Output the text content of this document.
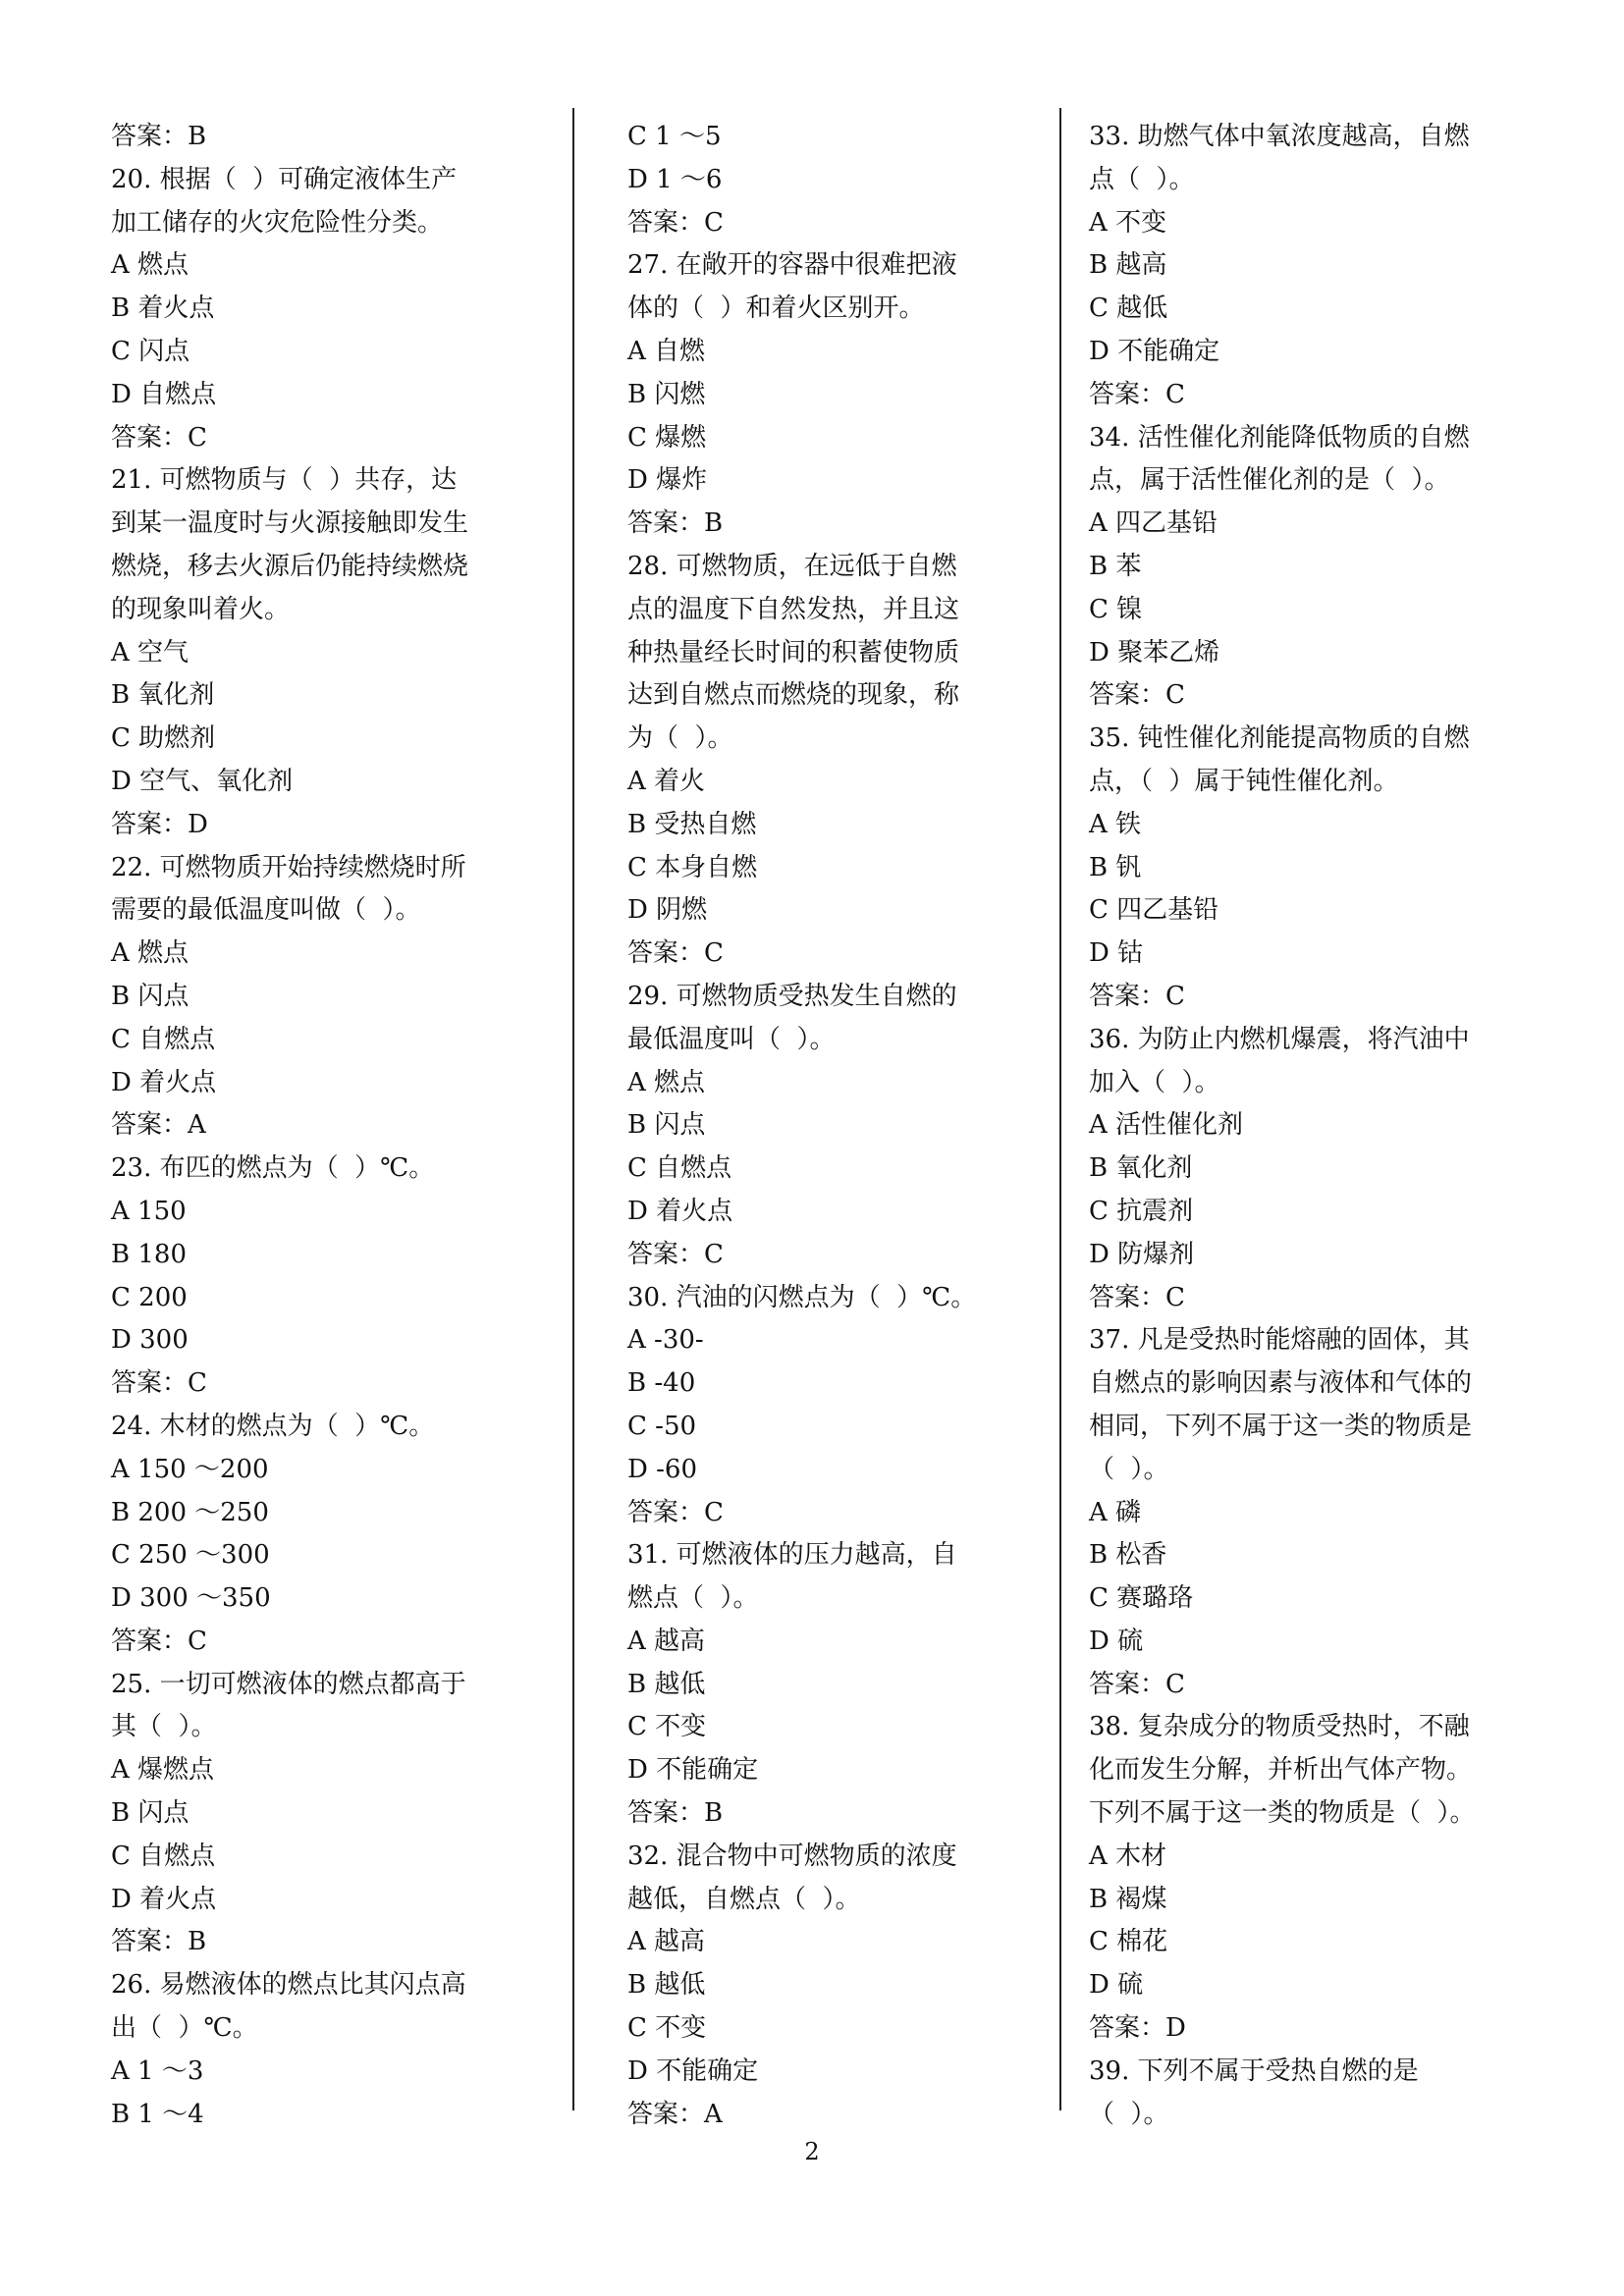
答案：B
20. 根据（  ）可确定液体生产
加工储存的火灾危险性分类。
A 燃点
B 着火点
C 闪点
D 自燃点
答案：C
21. 可燃物质与（  ）共存，达
到某一温度时与火源接触即发生
燃烧，移去火源后仍能持续燃烧
的现象叫着火。
A 空气
B 氧化剂
C 助燃剂
D 空气、氧化剂
答案：D
22. 可燃物质开始持续燃烧时所
需要的最低温度叫做（  ）。
A 燃点
B 闪点
C 自燃点
D 着火点
答案：A
23. 布匹的燃点为（  ）℃。
A 150
B 180
C 200
D 300
答案：C
24. 木材的燃点为（  ）℃。
A 150 ～200
B 200 ～250
C 250 ～300
D 300 ～350
答案：C
25. 一切可燃液体的燃点都高于
其（  ）。
A 爆燃点
B 闪点
C 自燃点
D 着火点
答案：B
26. 易燃液体的燃点比其闪点高
出（  ）℃。
A 1 ～3
B 1 ～4
C 1 ～5
D 1 ～6
答案：C
27. 在敞开的容器中很难把液
体的（  ）和着火区别开。
A 自燃
B 闪燃
C 爆燃
D 爆炸
答案：B
28. 可燃物质，在远低于自燃
点的温度下自然发热，并且这
种热量经长时间的积蓄使物质
达到自燃点而燃烧的现象，称
为（  ）。
A 着火
B 受热自燃
C 本身自燃
D 阴燃
答案：C
29. 可燃物质受热发生自燃的
最低温度叫（  ）。
A 燃点
B 闪点
C 自燃点
D 着火点
答案：C
30. 汽油的闪燃点为（  ）℃。
A -30-
B -40
C -50
D -60
答案：C
31. 可燃液体的压力越高，自
燃点（  ）。
A 越高
B 越低
C 不变
D 不能确定
答案：B
32. 混合物中可燃物质的浓度
越低，自燃点（  ）。
A 越高
B 越低
C 不变
D 不能确定
答案：A
33. 助燃气体中氧浓度越高，自燃
点（  ）。
A 不变
B 越高
C 越低
D 不能确定
答案：C
34. 活性催化剂能降低物质的自燃
点，属于活性催化剂的是（  ）。
A 四乙基铅
B 苯
C 镍
D 聚苯乙烯
答案：C
35. 钝性催化剂能提高物质的自燃
点，（  ）属于钝性催化剂。
A 铁
B 钒
C 四乙基铅
D 钴
答案：C
36. 为防止内燃机爆震，将汽油中
加入（  ）。
A 活性催化剂
B 氧化剂
C 抗震剂
D 防爆剂
答案：C
37. 凡是受热时能熔融的固体，其
自燃点的影响因素与液体和气体的
相同，下列不属于这一类的物质是
（  ）。
A 磷
B 松香
C 赛璐珞
D 硫
答案：C
38. 复杂成分的物质受热时，不融
化而发生分解，并析出气体产物。
下列不属于这一类的物质是（  ）。
A 木材
B 褐煤
C 棉花
D 硫
答案：D
39. 下列不属于受热自燃的是
（  ）。
2
